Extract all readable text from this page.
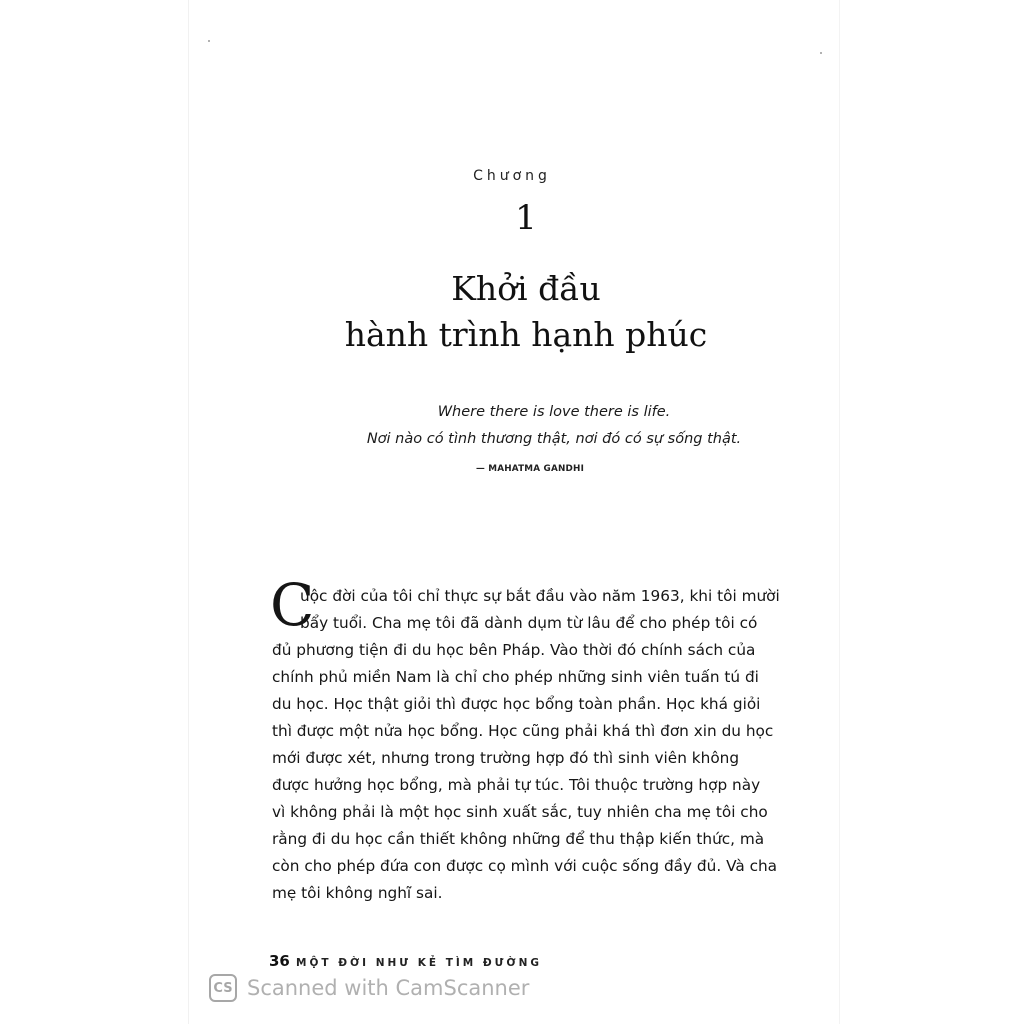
Chương
1
Khởi đầu
hành trình hạnh phúc
Where there is love there is life.
Nơi nào có tình thương thật, nơi đó có sự sống thật.
— MAHATMA GANDHI
C
uộc đời của tôi chỉ thực sự bắt đầu vào năm 1963, khi tôi mười
bẩy tuổi. Cha mẹ tôi đã dành dụm từ lâu để cho phép tôi có
đủ phương tiện đi du học bên Pháp. Vào thời đó chính sách của
chính phủ miền Nam là chỉ cho phép những sinh viên tuấn tú đi
du học. Học thật giỏi thì được học bổng toàn phần. Học khá giỏi
thì được một nửa học bổng. Học cũng phải khá thì đơn xin du học
mới được xét, nhưng trong trường hợp đó thì sinh viên không
được hưởng học bổng, mà phải tự túc. Tôi thuộc trường hợp này
vì không phải là một học sinh xuất sắc, tuy nhiên cha mẹ tôi cho
rằng đi du học cần thiết không những để thu thập kiến thức, mà
còn cho phép đứa con được cọ mình với cuộc sống đầy đủ. Và cha
mẹ tôi không nghĩ sai.
36 MỘT ĐỜI NHƯ KẺ TÌM ĐƯỜNG
CS Scanned with CamScanner
